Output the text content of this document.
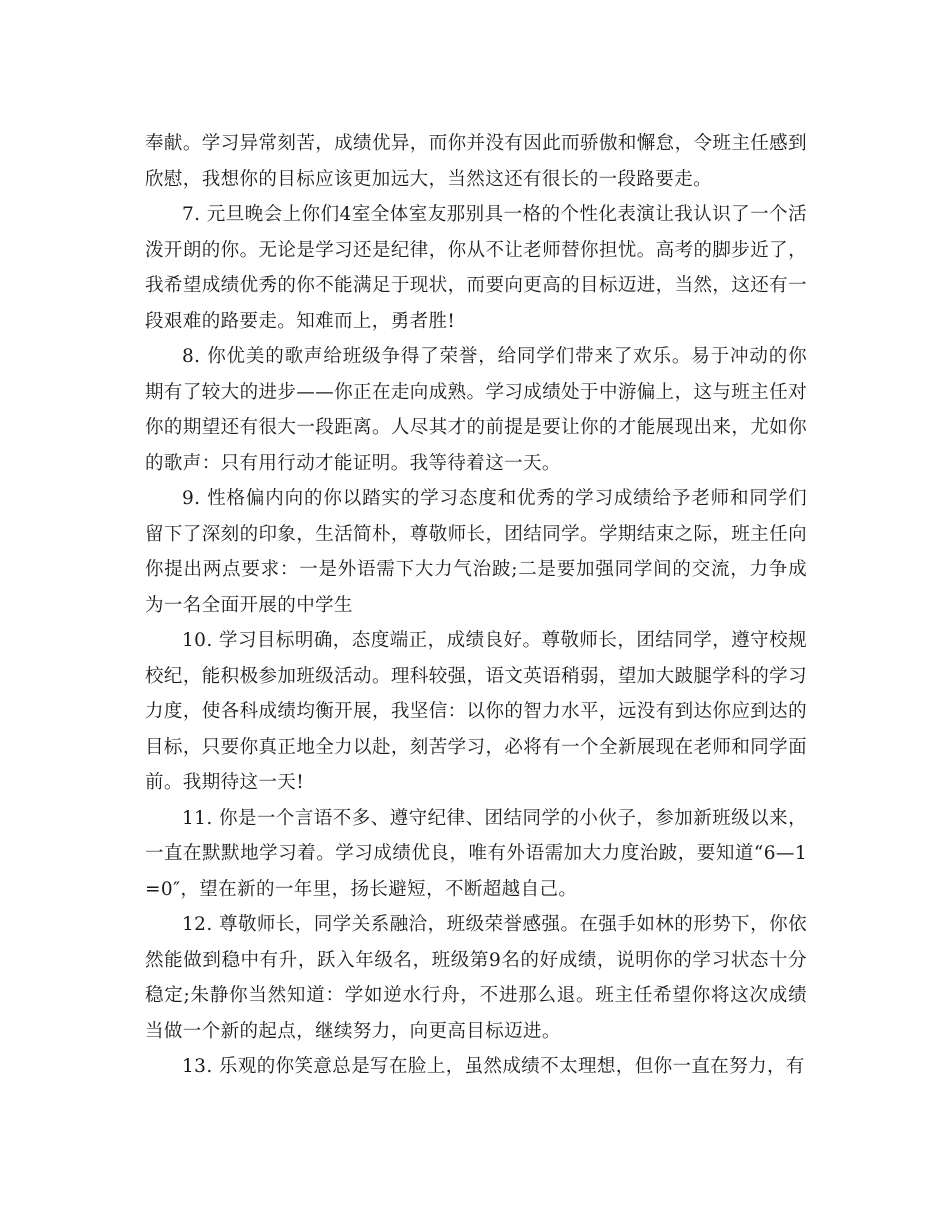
奉献。学习异常刻苦，成绩优异，而你并没有因此而骄傲和懈怠，令班主任感到欣慰，我想你的目标应该更加远大，当然这还有很长的一段路要走。

7. 元旦晚会上你们4室全体室友那别具一格的个性化表演让我认识了一个活泼开朗的你。无论是学习还是纪律，你从不让老师替你担忧。高考的脚步近了，我希望成绩优秀的你不能满足于现状，而要向更高的目标迈进，当然，这还有一段艰难的路要走。知难而上，勇者胜!

8. 你优美的歌声给班级争得了荣誉，给同学们带来了欢乐。易于冲动的你期有了较大的进步——你正在走向成熟。学习成绩处于中游偏上，这与班主任对你的期望还有很大一段距离。人尽其才的前提是要让你的才能展现出来，尤如你的歌声：只有用行动才能证明。我等待着这一天。

9. 性格偏内向的你以踏实的学习态度和优秀的学习成绩给予老师和同学们留下了深刻的印象，生活简朴，尊敬师长，团结同学。学期结束之际，班主任向你提出两点要求：一是外语需下大力气治跛;二是要加强同学间的交流，力争成为一名全面开展的中学生

10. 学习目标明确，态度端正，成绩良好。尊敬师长，团结同学，遵守校规校纪，能积极参加班级活动。理科较强，语文英语稍弱，望加大跛腿学科的学习力度，使各科成绩均衡开展，我坚信：以你的智力水平，远没有到达你应到达的目标，只要你真正地全力以赴，刻苦学习，必将有一个全新展现在老师和同学面前。我期待这一天!

11. 你是一个言语不多、遵守纪律、团结同学的小伙子，参加新班级以来，一直在默默地学习着。学习成绩优良，唯有外语需加大力度治跛，要知道“6—1=0″，望在新的一年里，扬长避短，不断超越自己。

12. 尊敬师长，同学关系融洽，班级荣誉感强。在强手如林的形势下，你依然能做到稳中有升，跃入年级名，班级第9名的好成绩，说明你的学习状态十分稳定;朱静你当然知道：学如逆水行舟，不进那么退。班主任希望你将这次成绩当做一个新的起点，继续努力，向更高目标迈进。

13. 乐观的你笑意总是写在脸上，虽然成绩不太理想，但你一直在努力，有
